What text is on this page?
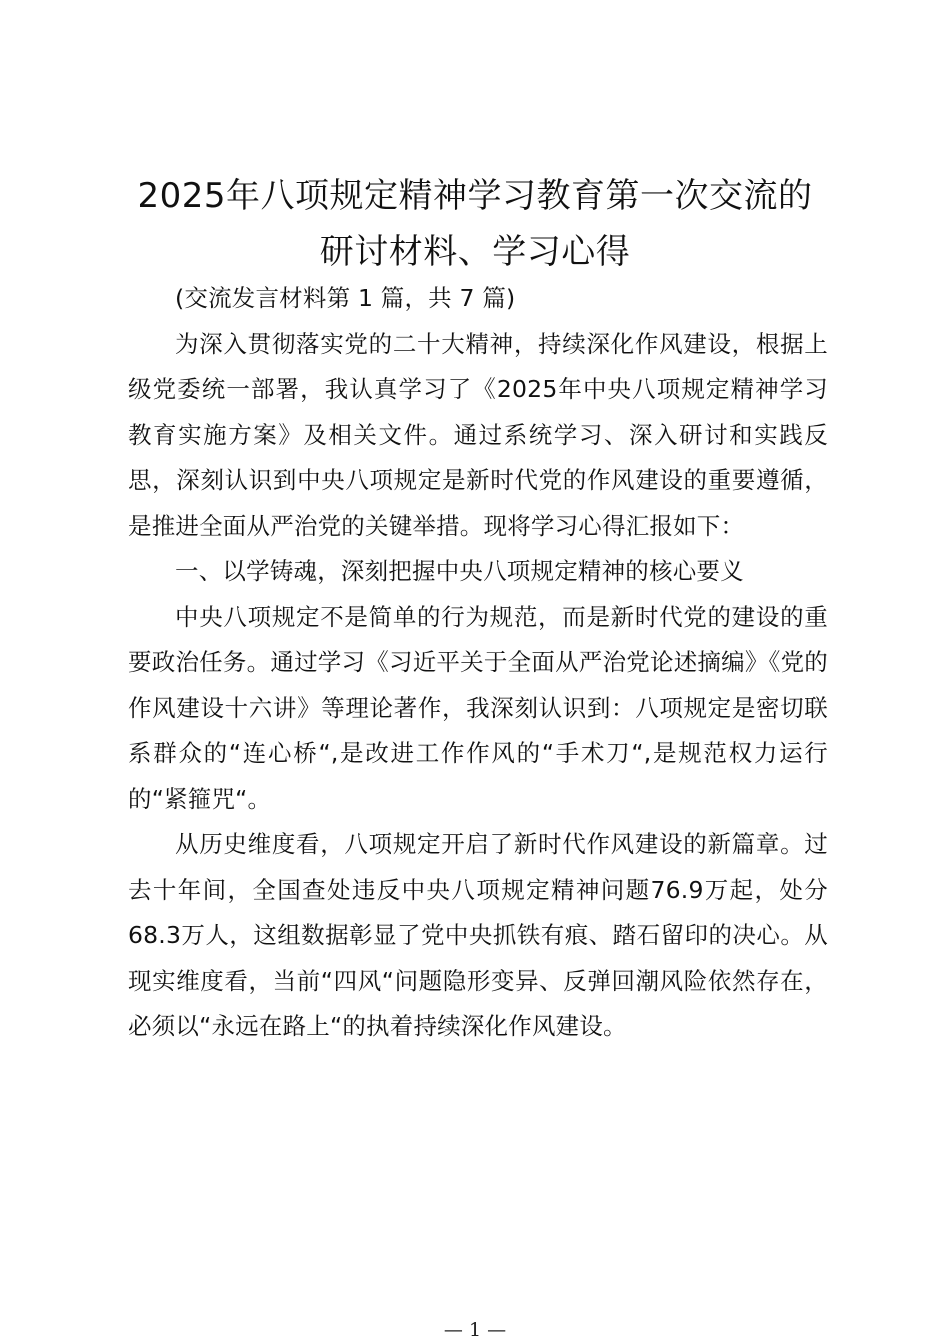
2025年八项规定精神学习教育第一次交流的
研讨材料、学习心得

(交流发言材料第 1 篇，共 7 篇)

为深入贯彻落实党的二十大精神，持续深化作风建设，根据上级党委统一部署，我认真学习了《2025年中央八项规定精神学习教育实施方案》及相关文件。通过系统学习、深入研讨和实践反思，深刻认识到中央八项规定是新时代党的作风建设的重要遵循，是推进全面从严治党的关键举措。现将学习心得汇报如下：

一、以学铸魂，深刻把握中央八项规定精神的核心要义

中央八项规定不是简单的行为规范，而是新时代党的建设的重要政治任务。通过学习《习近平关于全面从严治党论述摘编》《党的作风建设十六讲》等理论著作，我深刻认识到：八项规定是密切联系群众的“连心桥“,是改进工作作风的“手术刀“,是规范权力运行的“紧箍咒“。

从历史维度看，八项规定开启了新时代作风建设的新篇章。过去十年间，全国查处违反中央八项规定精神问题76.9万起，处分68.3万人，这组数据彰显了党中央抓铁有痕、踏石留印的决心。从现实维度看，当前“四风“问题隐形变异、反弹回潮风险依然存在，必须以“永远在路上“的执着持续深化作风建设。

— 1 —
